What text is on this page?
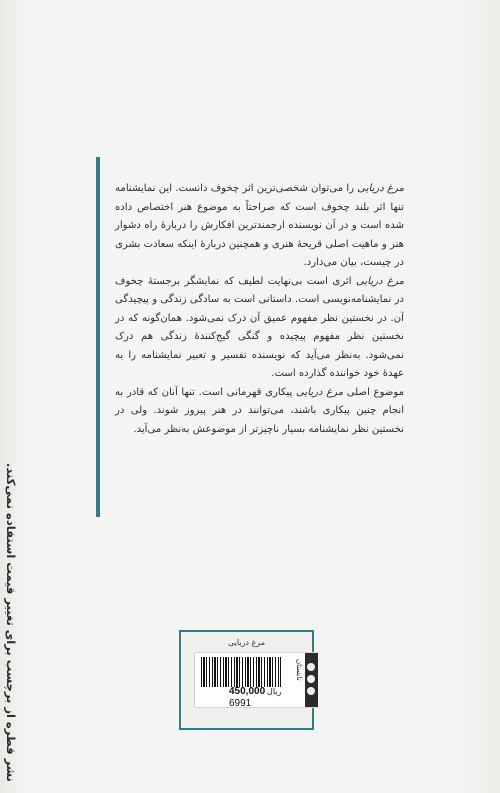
مرغ دریایی را می‌توان شخصی‌ترین اثر چخوف دانست. این نمایشنامه تنها اثر بلند چخوف است که صراحتاً به موضوع هنر اختصاص داده شده است و در آن نویسنده ارجمندترین افکارش را دربارهٔ راه دشوار هنر و ماهیت اصلی قریحهٔ هنری و همچنین دربارهٔ اینکه سعادت بشری در چیست، بیان می‌دارد.

مرغ دریایی اثری است بی‌نهایت لطیف که نمایشگر برجستهٔ چخوف در نمایشنامه‌نویسی است. داستانی است به سادگی زندگی و پیچیدگی آن. در نخستین نظر مفهوم عمیق آن درک نمی‌شود. همان‌گونه که در نخستین نظر مفهوم پیچیده و گنگی گیج‌کنندهٔ زندگی هم درک نمی‌شود. به‌نظر می‌آید که نویسنده تفسیر و تعبیر نمایشنامه را به عهدهٔ خود خواننده گذارده است.

موضوع اصلی مرغ دریایی پیکاری قهرمانی است. تنها آنان که قادر به انجام چنین پیکاری باشند، می‌توانند در هنر پیروز شوند. ولی در نخستین نظر نمایشنامه بسیار ناچیزتر از موضوعش به‌نظر می‌آید.

نشر قطره از برچسب برای تغییر قیمت استفاده نمی‌کند.	مرغ دریایی
450,000 ریال
6991
تابستان
